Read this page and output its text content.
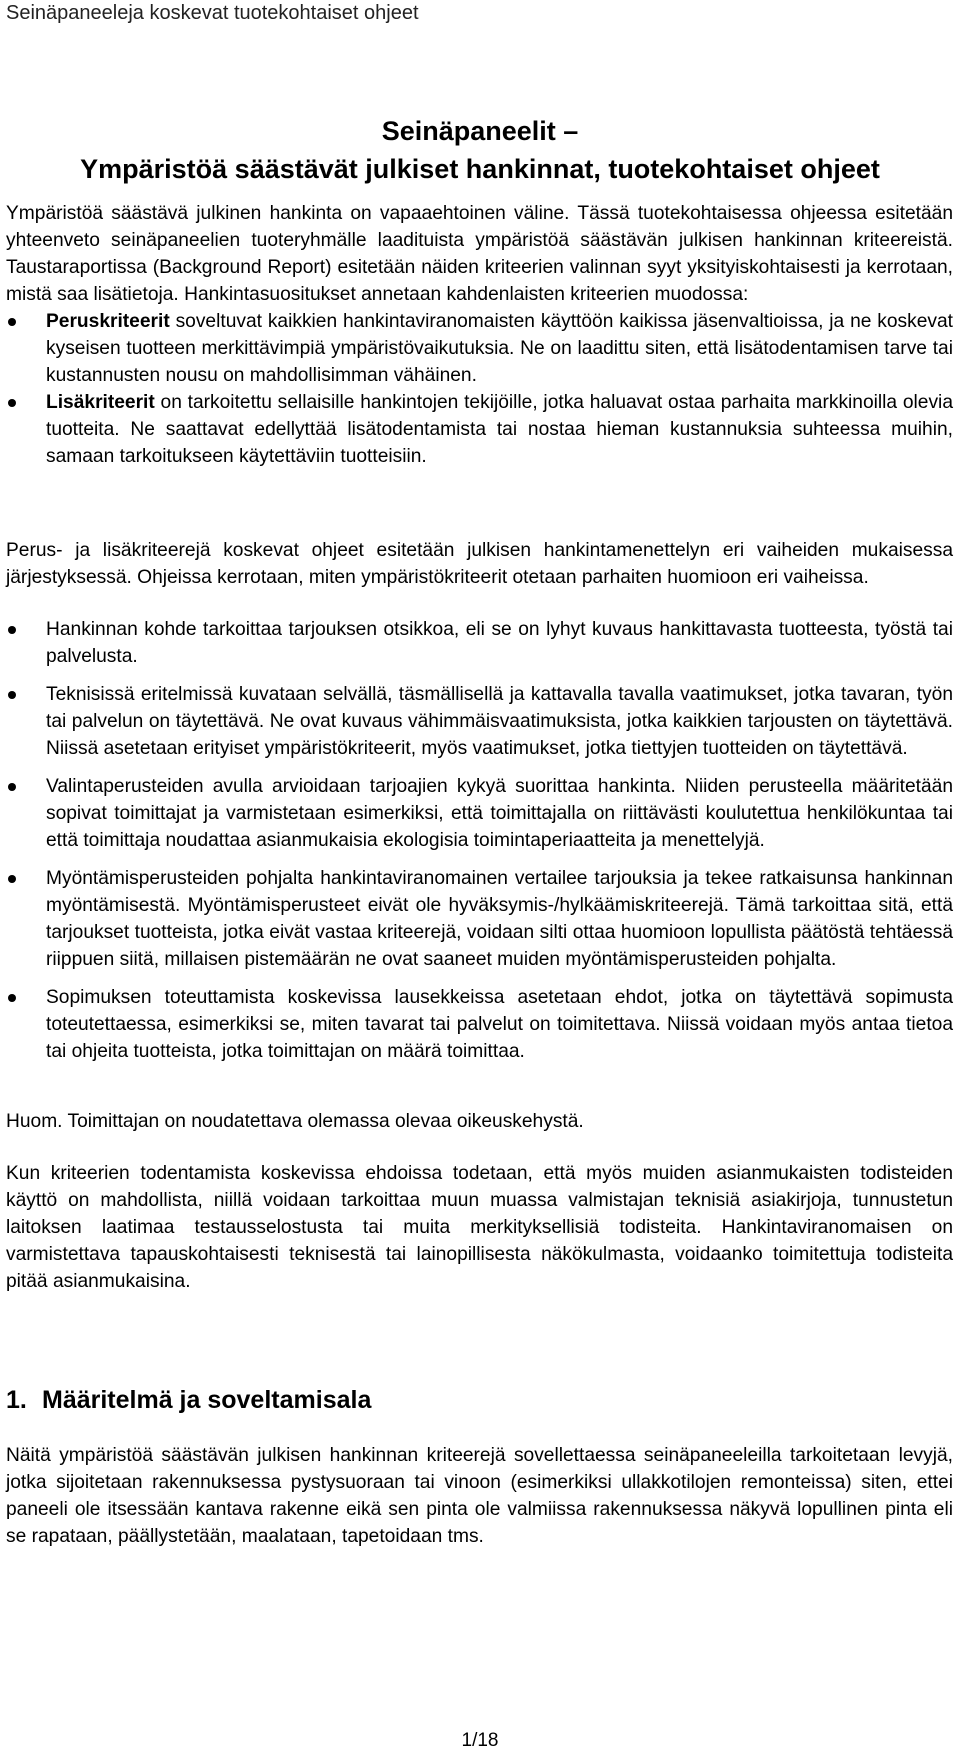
Seinäpaneeleja koskevat tuotekohtaiset ohjeet
Seinäpaneelit –
Ympäristöä säästävät julkiset hankinnat, tuotekohtaiset ohjeet

Ympäristöä säästävä julkinen hankinta on vapaaehtoinen väline. Tässä tuotekohtaisessa ohjeessa esitetään yhteenveto seinäpaneelien tuoteryhmälle laadituista ympäristöä säästävän julkisen hankinnan kriteereistä. Taustaraportissa (Background Report) esitetään näiden kriteerien valinnan syyt yksityiskohtaisesti ja kerrotaan, mistä saa lisätietoja. Hankintasuositukset annetaan kahdenlaisten kriteerien muodossa:

Peruskriteerit soveltuvat kaikkien hankintaviranomaisten käyttöön kaikissa jäsenvaltioissa, ja ne koskevat kyseisen tuotteen merkittävimpiä ympäristövaikutuksia. Ne on laadittu siten, että lisätodentamisen tarve tai kustannusten nousu on mahdollisimman vähäinen.
Lisäkriteerit on tarkoitettu sellaisille hankintojen tekijöille, jotka haluavat ostaa parhaita markkinoilla olevia tuotteita. Ne saattavat edellyttää lisätodentamista tai nostaa hieman kustannuksia suhteessa muihin, samaan tarkoitukseen käytettäviin tuotteisiin.

Perus- ja lisäkriteerejä koskevat ohjeet esitetään julkisen hankintamenettelyn eri vaiheiden mukaisessa järjestyksessä. Ohjeissa kerrotaan, miten ympäristökriteerit otetaan parhaiten huomioon eri vaiheissa.

Hankinnan kohde tarkoittaa tarjouksen otsikkoa, eli se on lyhyt kuvaus hankittavasta tuotteesta, työstä tai palvelusta.
Teknisissä eritelmissä kuvataan selvällä, täsmällisellä ja kattavalla tavalla vaatimukset, jotka tavaran, työn tai palvelun on täytettävä. Ne ovat kuvaus vähimmäisvaatimuksista, jotka kaikkien tarjousten on täytettävä. Niissä asetetaan erityiset ympäristökriteerit, myös vaatimukset, jotka tiettyjen tuotteiden on täytettävä.
Valintaperusteiden avulla arvioidaan tarjoajien kykyä suorittaa hankinta. Niiden perusteella määritetään sopivat toimittajat ja varmistetaan esimerkiksi, että toimittajalla on riittävästi koulutettua henkilökuntaa tai että toimittaja noudattaa asianmukaisia ekologisia toimintaperiaatteita ja menettelyjä.
Myöntämisperusteiden pohjalta hankintaviranomainen vertailee tarjouksia ja tekee ratkaisunsa hankinnan myöntämisestä. Myöntämisperusteet eivät ole hyväksymis-/hylkäämiskriteerejä. Tämä tarkoittaa sitä, että tarjoukset tuotteista, jotka eivät vastaa kriteerejä, voidaan silti ottaa huomioon lopullista päätöstä tehtäessä riippuen siitä, millaisen pistemäärän ne ovat saaneet muiden myöntämisperusteiden pohjalta.
Sopimuksen toteuttamista koskevissa lausekkeissa asetetaan ehdot, jotka on täytettävä sopimusta toteutettaessa, esimerkiksi se, miten tavarat tai palvelut on toimitettava. Niissä voidaan myös antaa tietoa tai ohjeita tuotteista, jotka toimittajan on määrä toimittaa.
Huom. Toimittajan on noudatettava olemassa olevaa oikeuskehystä.
Kun kriteerien todentamista koskevissa ehdoissa todetaan, että myös muiden asianmukaisten todisteiden käyttö on mahdollista, niillä voidaan tarkoittaa muun muassa valmistajan teknisiä asiakirjoja, tunnustetun laitoksen laatimaa testausselostusta tai muita merkityksellisiä todisteita. Hankintaviranomaisen on varmistettava tapauskohtaisesti teknisestä tai lainopillisesta näkökulmasta, voidaanko toimitettuja todisteita pitää asianmukaisina.
1. Määritelmä ja soveltamisala
Näitä ympäristöä säästävän julkisen hankinnan kriteerejä sovellettaessa seinäpaneeleilla tarkoitetaan levyjä, jotka sijoitetaan rakennuksessa pystysuoraan tai vinoon (esimerkiksi ullakkotilojen remonteissa) siten, ettei paneeli ole itsessään kantava rakenne eikä sen pinta ole valmiissa rakennuksessa näkyvä lopullinen pinta eli se rapataan, päällystetään, maalataan, tapetoidaan tms.
1/18
